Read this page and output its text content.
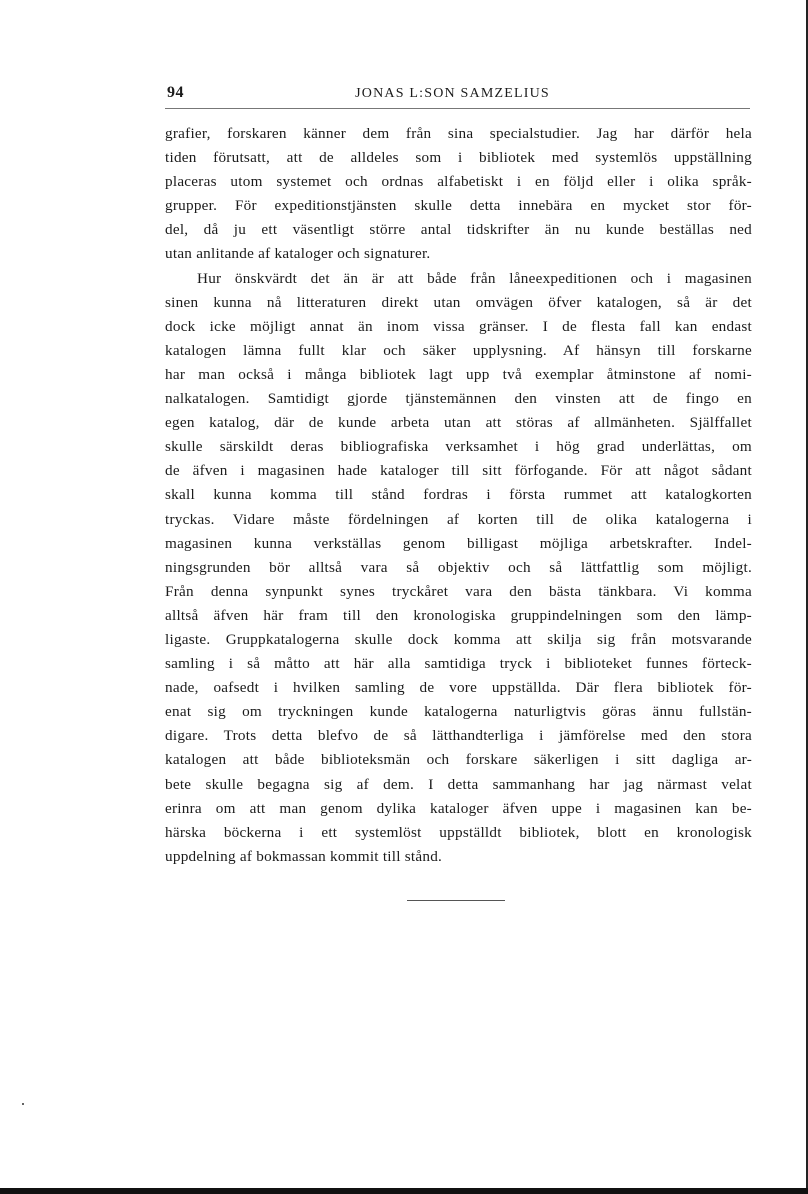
94	JONAS L:SON SAMZELIUS
grafier, forskaren känner dem från sina specialstudier. Jag har därför hela
tiden förutsatt, att de alldeles som i bibliotek med systemlös uppställning
placeras utom systemet och ordnas alfabetiskt i en följd eller i olika språk-
grupper. För expeditionstjänsten skulle detta innebära en mycket stor för-
del, då ju ett väsentligt större antal tidskrifter än nu kunde beställas ned
utan anlitande af kataloger och signaturer.
Hur önskvärdt det än är att både från låneexpeditionen och i magasinen
sinen kunna nå litteraturen direkt utan omvägen öfver katalogen, så är det
dock icke möjligt annat än inom vissa gränser. I de flesta fall kan endast
katalogen lämna fullt klar och säker upplysning. Af hänsyn till forskarne
har man också i många bibliotek lagt upp två exemplar åtminstone af nomi-
nalkatalogen. Samtidigt gjorde tjänstemännen den vinsten att de fingo en
egen katalog, där de kunde arbeta utan att störas af allmänheten. Själffallet
skulle särskildt deras bibliografiska verksamhet i hög grad underlättas, om
de äfven i magasinen hade kataloger till sitt förfogande. För att något sådant
skall kunna komma till stånd fordras i första rummet att katalogkorten
tryckas. Vidare måste fördelningen af korten till de olika katalogerna i
magasinen kunna verkställas genom billigast möjliga arbetskrafter. Indel-
ningsgrunden bör alltså vara så objektiv och så lättfattlig som möjligt.
Från denna synpunkt synes tryckåret vara den bästa tänkbara. Vi komma
alltså äfven här fram till den kronologiska gruppindelningen som den lämp-
ligaste. Gruppkatalogerna skulle dock komma att skilja sig från motsvarande
samling i så måtto att här alla samtidiga tryck i biblioteket funnes förteck-
nade, oafsedt i hvilken samling de vore uppställda. Där flera bibliotek för-
enat sig om tryckningen kunde katalogerna naturligtvis göras ännu fullstän-
digare. Trots detta blefvo de så lätthandterliga i jämförelse med den stora
katalogen att både biblioteksmän och forskare säkerligen i sitt dagliga ar-
bete skulle begagna sig af dem. I detta sammanhang har jag närmast velat
erinra om att man genom dylika kataloger äfven uppe i magasinen kan be-
härska böckerna i ett systemlöst uppställdt bibliotek, blott en kronologisk
uppdelning af bokmassan kommit till stånd.
